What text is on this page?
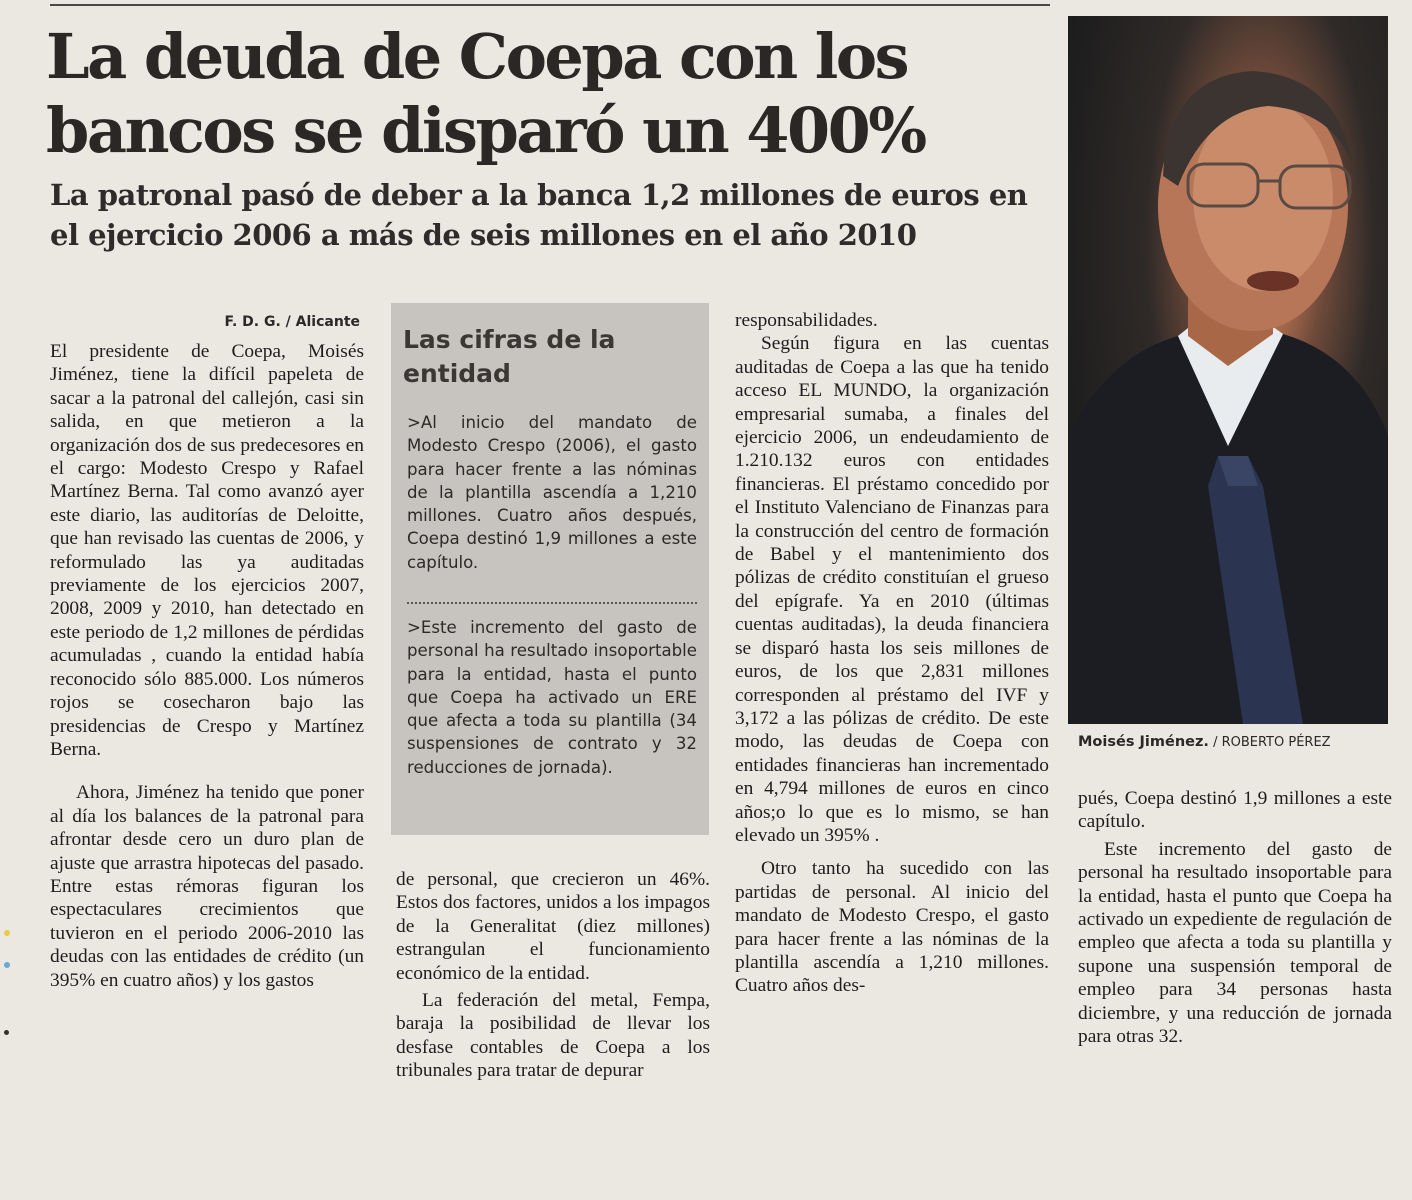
La deuda de Coepa con los bancos se disparó un 400%
La patronal pasó de deber a la banca 1,2 millones de euros en el ejercicio 2006 a más de seis millones en el año 2010
F. D. G. / Alicante

El presidente de Coepa, Moisés Jiménez, tiene la difícil papeleta de sacar a la patronal del callejón, casi sin salida, en que metieron a la organización dos de sus predecesores en el cargo: Modesto Crespo y Rafael Martínez Berna. Tal como avanzó ayer este diario, las auditorías de Deloitte, que han revisado las cuentas de 2006, y reformulado las ya auditadas previamente de los ejercicios 2007, 2008, 2009 y 2010, han detectado en este periodo de 1,2 millones de pérdidas acumuladas , cuando la entidad había reconocido sólo 885.000. Los números rojos se cosecharon bajo las presidencias de Crespo y Martínez Berna.

Ahora, Jiménez ha tenido que poner al día los balances de la patronal para afrontar desde cero un duro plan de ajuste que arrastra hipotecas del pasado. Entre estas rémoras figuran los espectaculares crecimientos que tuvieron en el periodo 2006-2010 las deudas con las entidades de crédito (un 395% en cuatro años) y los gastos

Las cifras de la entidad
>Al inicio del mandato de Modesto Crespo (2006), el gasto para hacer frente a las nóminas de la plantilla ascendía a 1,210 millones. Cuatro años después, Coepa destinó 1,9 millones a este capítulo.
>Este incremento del gasto de personal ha resultado insoportable para la entidad, hasta el punto que Coepa ha activado un ERE que afecta a toda su plantilla (34 suspensiones de contrato y 32 reducciones de jornada).

de personal, que crecieron un 46%. Estos dos factores, unidos a los impagos de la Generalitat (diez millones) estrangulan el funcionamiento económico de la entidad.

La federación del metal, Fempa, baraja la posibilidad de llevar los desfase contables de Coepa a los tribunales para tratar de depurar

responsabilidades.

Según figura en las cuentas auditadas de Coepa a las que ha tenido acceso EL MUNDO, la organización empresarial sumaba, a finales del ejercicio 2006, un endeudamiento de 1.210.132 euros con entidades financieras. El préstamo concedido por el Instituto Valenciano de Finanzas para la construcción del centro de formación de Babel y el mantenimiento dos pólizas de crédito constituían el grueso del epígrafe. Ya en 2010 (últimas cuentas auditadas), la deuda financiera se disparó hasta los seis millones de euros, de los que 2,831 millones corresponden al préstamo del IVF y 3,172 a las pólizas de crédito. De este modo, las deudas de Coepa con entidades financieras han incrementado en 4,794 millones de euros en cinco años;o lo que es lo mismo, se han elevado un 395% .

Otro tanto ha sucedido con las partidas de personal. Al inicio del mandato de Modesto Crespo, el gasto para hacer frente a las nóminas de la plantilla ascendía a 1,210 millones. Cuatro años des-

Moisés Jiménez. / ROBERTO PÉREZ

pués, Coepa destinó 1,9 millones a este capítulo.

Este incremento del gasto de personal ha resultado insoportable para la entidad, hasta el punto que Coepa ha activado un expediente de regulación de empleo que afecta a toda su plantilla y supone una suspensión temporal de empleo para 34 personas hasta diciembre, y una reducción de jornada para otras 32.
